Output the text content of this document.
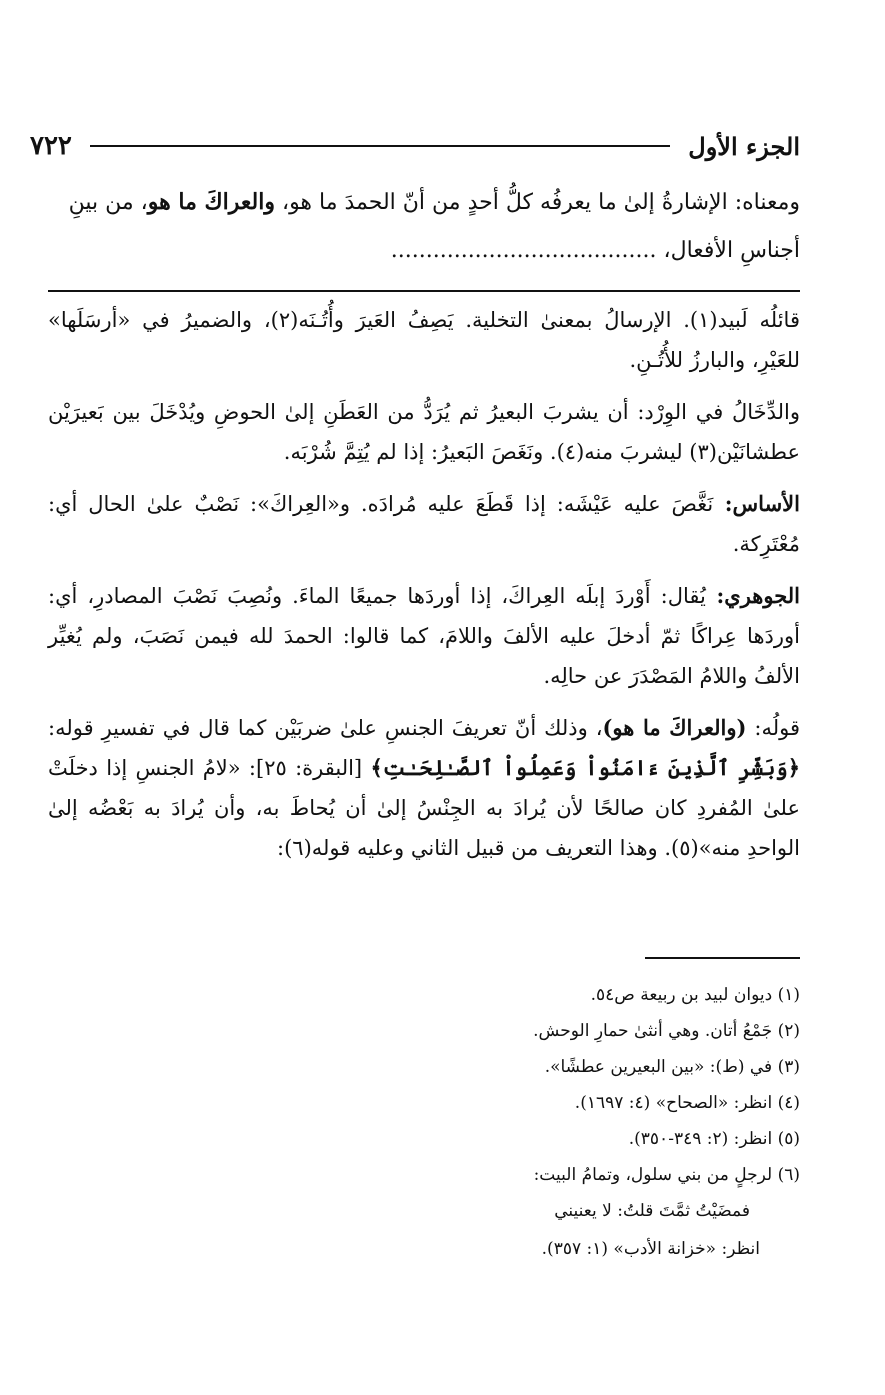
الجزء الأول
٧٢٢
ومعناه: الإشارةُ إلىٰ ما يعرفُه كلُّ أحدٍ من أنّ الحمدَ ما هو، والعراكَ ما هو، من بينِ
أجناسِ الأفعال، ......................................

قائلُه لَبيد(١). الإرسالُ بمعنىٰ التخلية. يَصِفُ العَيرَ وأُتُـنَه(٢)، والضميرُ في «أرسَلَها» للعَيْرِ، والبارزُ للأُتُـنِ.

والدِّخَالُ في الوِرْد: أن يشربَ البعيرُ ثم يُرَدُّ من العَطَنِ إلىٰ الحوضِ ويُدْخَلَ بين بَعيرَيْن عطشانَيْن(٣) ليشربَ منه(٤). ونَغَصَ البَعيرُ: إذا لم يُتِمَّ شُرْبَه.

الأساس: نَغَّصَ عليه عَيْشَه: إذا قَطَعَ عليه مُرادَه. و«العِراكَ»: نَصْبٌ علىٰ الحال أي: مُعْتَرِكة.

الجوهري: يُقال: أَوْردَ إبلَه العِراكَ، إذا أوردَها جميعًا الماءَ. ونُصِبَ نَصْبَ المصادرِ، أي: أوردَها عِراكًا ثمّ أدخلَ عليه الألفَ واللامَ، كما قالوا: الحمدَ لله فيمن نَصَبَ، ولم يُغيِّر الألفُ واللامُ المَصْدَرَ عن حالِه.

قولُه: (والعراكَ ما هو)، وذلك أنّ تعريفَ الجنسِ علىٰ ضربَيْن كما قال في تفسيرِ قوله: ﴿وَبَشِّرِ ٱلَّذِينَ ءَامَنُواْ وَعَمِلُواْ ٱلصَّـٰلِحَـٰتِ﴾ [البقرة: ٢٥]: «لامُ الجنسِ إذا دخلَتْ علىٰ المُفردِ كان صالحًا لأن يُرادَ به الجِنْسُ إلىٰ أن يُحاطَ به، وأن يُرادَ به بَعْضُه إلىٰ الواحدِ منه»(٥). وهذا التعريف من قبيل الثاني وعليه قوله(٦):

(١) ديوان لبيد بن ربيعة ص٥٤.
(٢) جَمْعُ أتان. وهي أنثىٰ حمارِ الوحش.
(٣) في (ط): «بين البعيرين عطشًا».
(٤) انظر: «الصحاح» (٤: ١٦٩٧).
(٥) انظر: (٢: ٣٤٩-٣٥٠).
(٦) لرجلٍ من بني سلول، وتمامُ البيت:
فمضَيْتُ ثمَّتَ قلتُ: لا يعنيني
انظر: «خزانة الأدب» (١: ٣٥٧).
